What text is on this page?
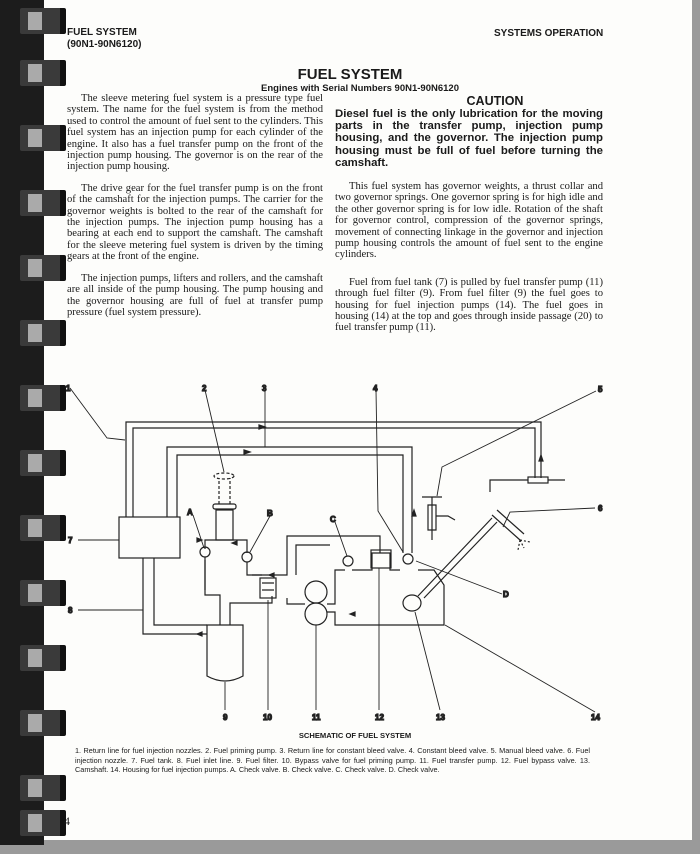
FUEL SYSTEM
(90N1-90N6120)
SYSTEMS OPERATION
FUEL SYSTEM
Engines with Serial Numbers 90N1-90N6120

The sleeve metering fuel system is a pressure type fuel system. The name for the fuel system is from the method used to control the amount of fuel sent to the cylinders. This fuel system has an injection pump for each cylinder of the engine. It also has a fuel transfer pump on the front of the injection pump housing. The governor is on the rear of the injection pump housing.

The drive gear for the fuel transfer pump is on the front of the camshaft for the injection pumps. The carrier for the governor weights is bolted to the rear of the camshaft for the injection pumps. The injection pump housing has a bearing at each end to support the camshaft. The camshaft for the sleeve metering fuel system is driven by the timing gears at the front of the engine.

The injection pumps, lifters and rollers, and the camshaft are all inside of the pump housing. The pump housing and the governor housing are full of fuel at transfer pump pressure (fuel system pressure).

CAUTION
Diesel fuel is the only lubrication for the moving parts in the transfer pump, injection pump housing, and the governor. The injection pump housing must be full of fuel before turning the camshaft.

This fuel system has governor weights, a thrust collar and two governor springs. One governor spring is for high idle and the other governor spring is for low idle. Rotation of the shaft for governor control, compression of the governor springs, movement of connecting linkage in the governor and injection pump housing controls the amount of fuel sent to the engine cylinders.

Fuel from fuel tank (7) is pulled by fuel transfer pump (11) through fuel filter (9). From fuel filter (9) the fuel goes to housing for fuel injection pumps (14). The fuel goes in housing (14) at the top and goes through inside passage (20) to fuel transfer pump (11).

1	2	3	4	5
6
7
8
9	10	11	12	13	14
A	B
C
D
SCHEMATIC OF FUEL SYSTEM
1. Return line for fuel injection nozzles. 2. Fuel priming pump. 3. Return line for constant bleed valve. 4. Constant bleed valve. 5. Manual bleed valve. 6. Fuel injection nozzle. 7. Fuel tank. 8. Fuel inlet line. 9. Fuel filter. 10. Bypass valve for fuel priming pump. 11. Fuel transfer pump. 12. Fuel bypass valve. 13. Camshaft. 14. Housing for fuel injection pumps. A. Check valve. B. Check valve. C. Check valve. D. Check valve.
4
